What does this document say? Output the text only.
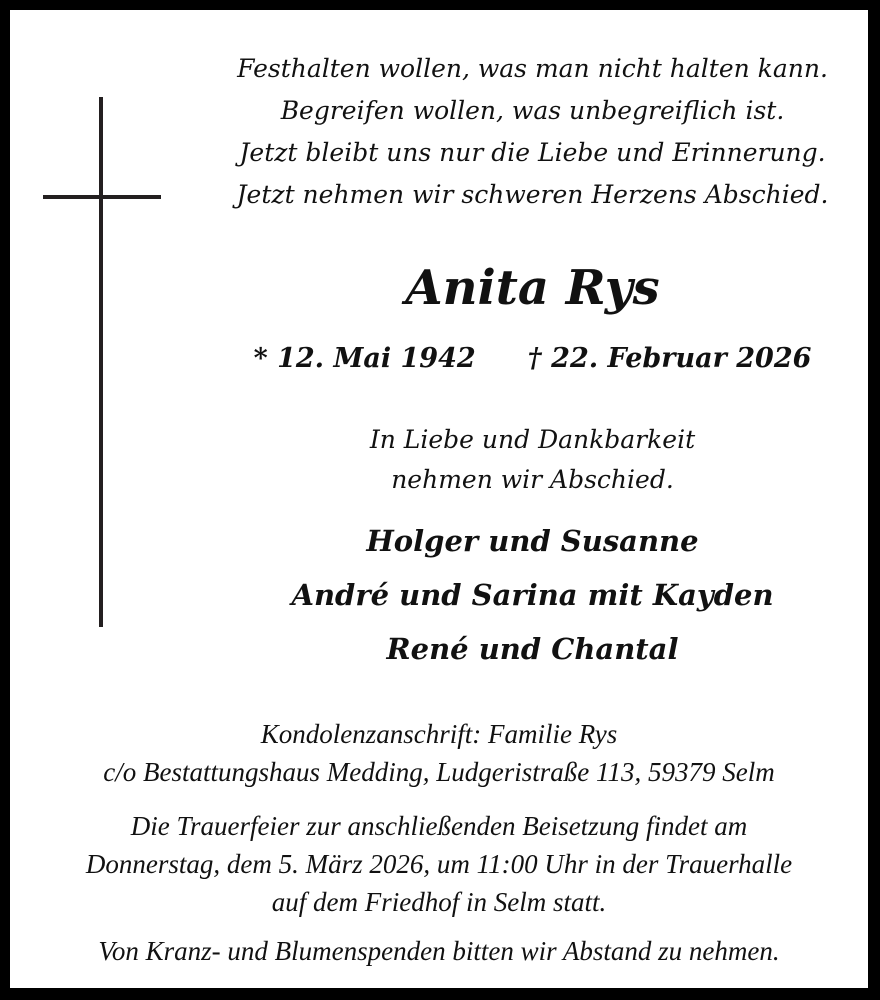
Festhalten wollen, was man nicht halten kann.
Begreifen wollen, was unbegreiflich ist.
Jetzt bleibt uns nur die Liebe und Erinnerung.
Jetzt nehmen wir schweren Herzens Abschied.
Anita Rys
* 12. Mai 1942 † 22. Februar 2026
In Liebe und Dankbarkeit
nehmen wir Abschied.
Holger und Susanne
André und Sarina mit Kayden
René und Chantal
Kondolenzanschrift: Familie Rys
c/o Bestattungshaus Medding, Ludgeristraße 113, 59379 Selm
Die Trauerfeier zur anschließenden Beisetzung findet am
Donnerstag, dem 5. März 2026, um 11:00 Uhr in der Trauerhalle
auf dem Friedhof in Selm statt.
Von Kranz- und Blumenspenden bitten wir Abstand zu nehmen.
